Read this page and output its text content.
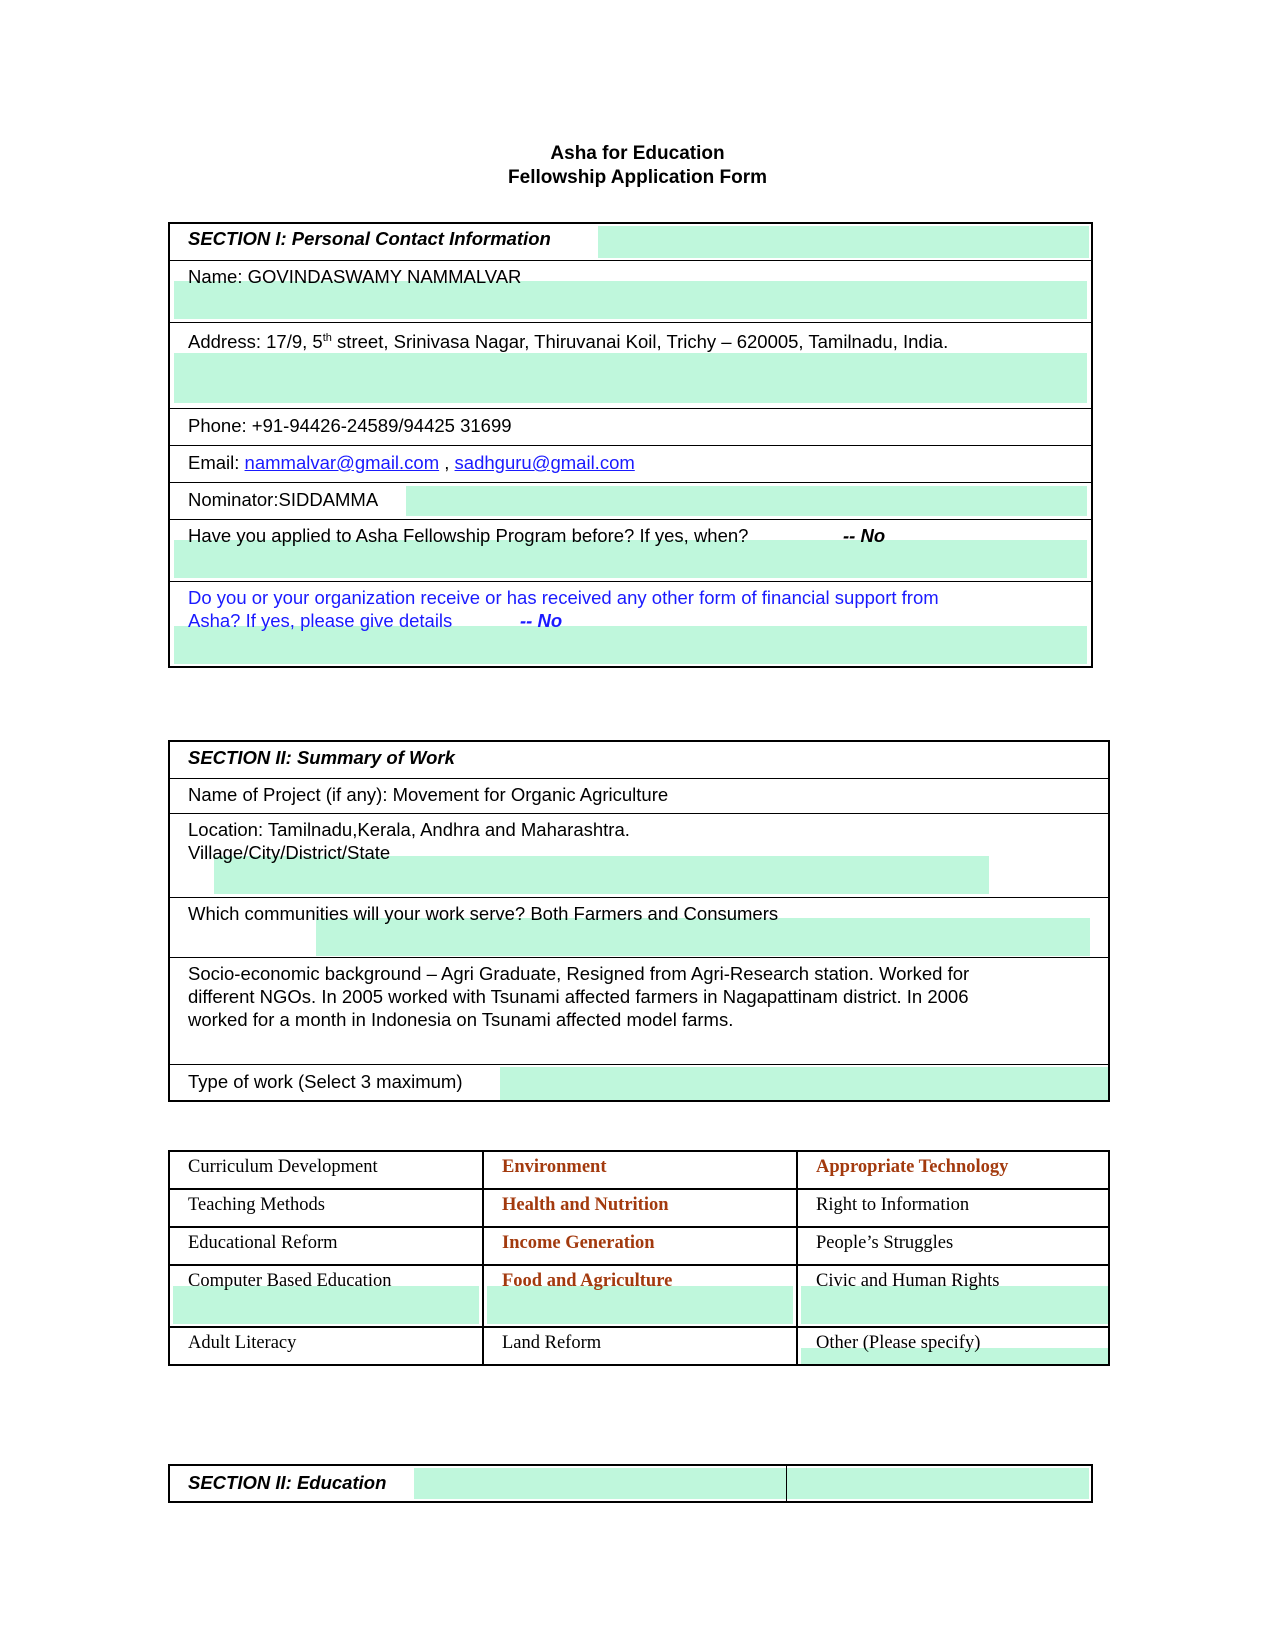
Asha for Education
Fellowship Application Form
SECTION I: Personal Contact Information
Name: GOVINDASWAMY NAMMALVAR
Address: 17/9, 5th street, Srinivasa Nagar, Thiruvanai Koil, Trichy – 620005, Tamilnadu, India.
Phone: +91-94426-24589/94425 31699
Email: nammalvar@gmail.com , sadhguru@gmail.com
Nominator:SIDDAMMA
Have you applied to Asha Fellowship Program before? If yes, when?	-- No
Do you or your organization receive or has received any other form of financial support from
Asha? If yes, please give details	-- No
SECTION II: Summary of Work
Name of Project (if any): Movement for Organic Agriculture
Location: Tamilnadu,Kerala, Andhra and Maharashtra.
Village/City/District/State
Which communities will your work serve? Both Farmers and Consumers
Socio-economic background – Agri Graduate, Resigned from Agri-Research station. Worked for
different NGOs. In 2005 worked with Tsunami affected farmers in Nagapattinam district. In 2006
worked for a month in Indonesia on Tsunami affected model farms.
Type of work (Select 3 maximum)
Curriculum Development	Environment	Appropriate Technology
Teaching Methods	Health and Nutrition	Right to Information
Educational Reform	Income Generation	People’s Struggles
Computer Based Education	Food and Agriculture	Civic and Human Rights
Adult Literacy	Land Reform	Other (Please specify)
SECTION II: Education
